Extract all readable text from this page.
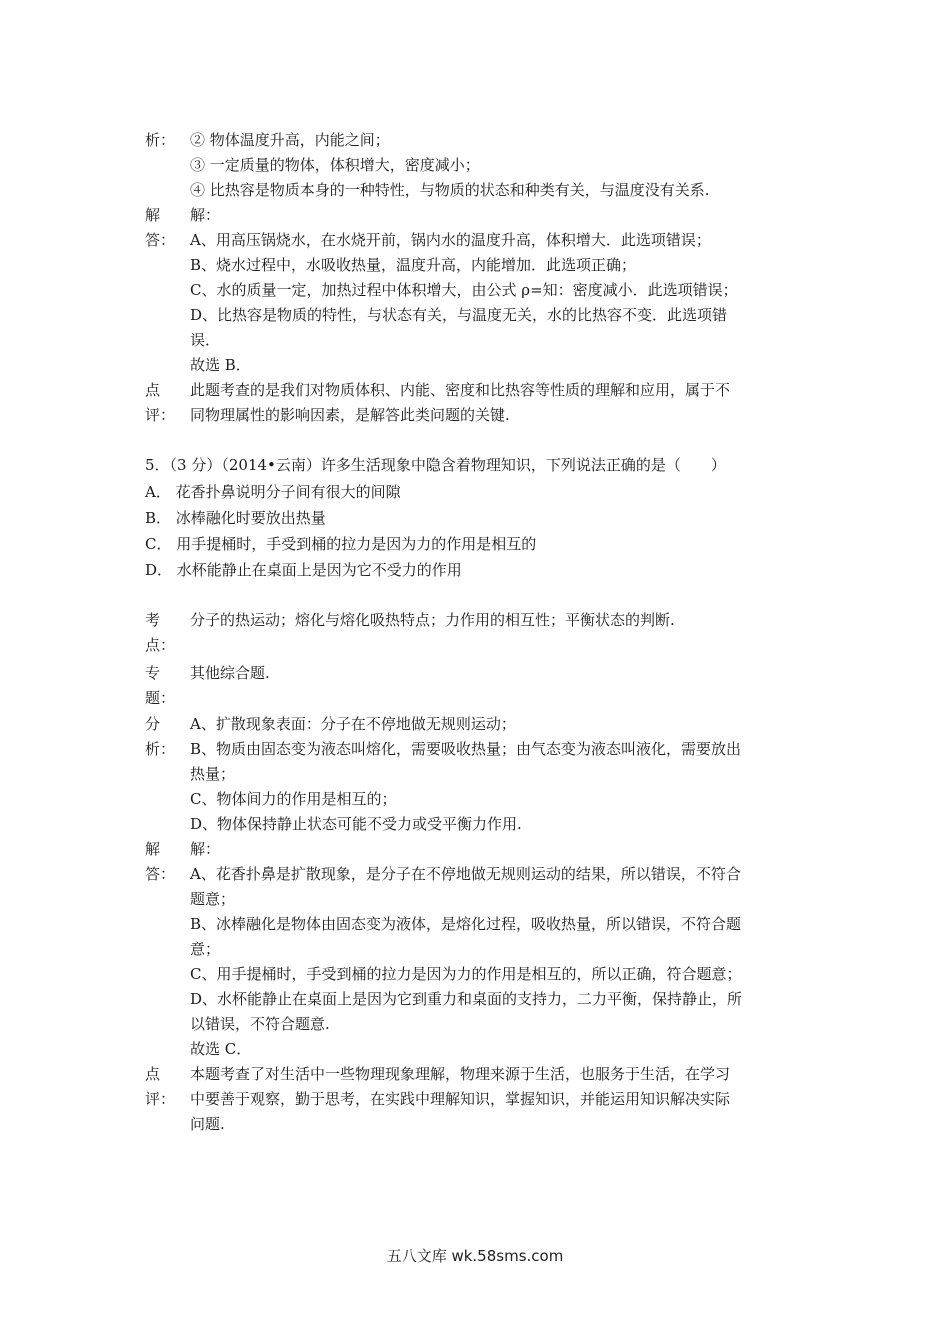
析： ② 物体温度升高，内能之间；
③ 一定质量的物体，体积增大，密度减小；
④ 比热容是物质本身的一种特性，与物质的状态和种类有关，与温度没有关系.
解	解：
答： A、用高压锅烧水，在水烧开前，锅内水的温度升高，体积增大．此选项错误；
B、烧水过程中，水吸收热量，温度升高，内能增加．此选项正确；
C、水的质量一定，加热过程中体积增大，由公式 ρ=知：密度减小．此选项错误；
D、比热容是物质的特性，与状态有关，与温度无关，水的比热容不变．此选项错
误．
故选 B．
点	此题考查的是我们对物质体积、内能、密度和比热容等性质的理解和应用，属于不
评： 同物理属性的影响因素，是解答此类问题的关键.
5．（3 分）（2014•云南）许多生活现象中隐含着物理知识，下列说法正确的是（　　）
A． 花香扑鼻说明分子间有很大的间隙
B． 冰棒融化时要放出热量
C． 用手提桶时，手受到桶的拉力是因为力的作用是相互的
D． 水杯能静止在桌面上是因为它不受力的作用
考	分子的热运动；熔化与熔化吸热特点；力作用的相互性；平衡状态的判断.
点：
专	其他综合题.
题：
分	A、扩散现象表面：分子在不停地做无规则运动；
析： B、物质由固态变为液态叫熔化，需要吸收热量；由气态变为液态叫液化，需要放出
热量；
C、物体间力的作用是相互的；
D、物体保持静止状态可能不受力或受平衡力作用.
解	解：
答： A、花香扑鼻是扩散现象，是分子在不停地做无规则运动的结果，所以错误，不符合
题意；
B、冰棒融化是物体由固态变为液体，是熔化过程，吸收热量，所以错误，不符合题
意；
C、用手提桶时，手受到桶的拉力是因为力的作用是相互的，所以正确，符合题意；
D、水杯能静止在桌面上是因为它到重力和桌面的支持力，二力平衡，保持静止，所
以错误，不符合题意.
故选 C．
点	本题考查了对生活中一些物理现象理解，物理来源于生活，也服务于生活，在学习
评： 中要善于观察，勤于思考，在实践中理解知识，掌握知识，并能运用知识解决实际
问题.
五八文库 wk.58sms.com
